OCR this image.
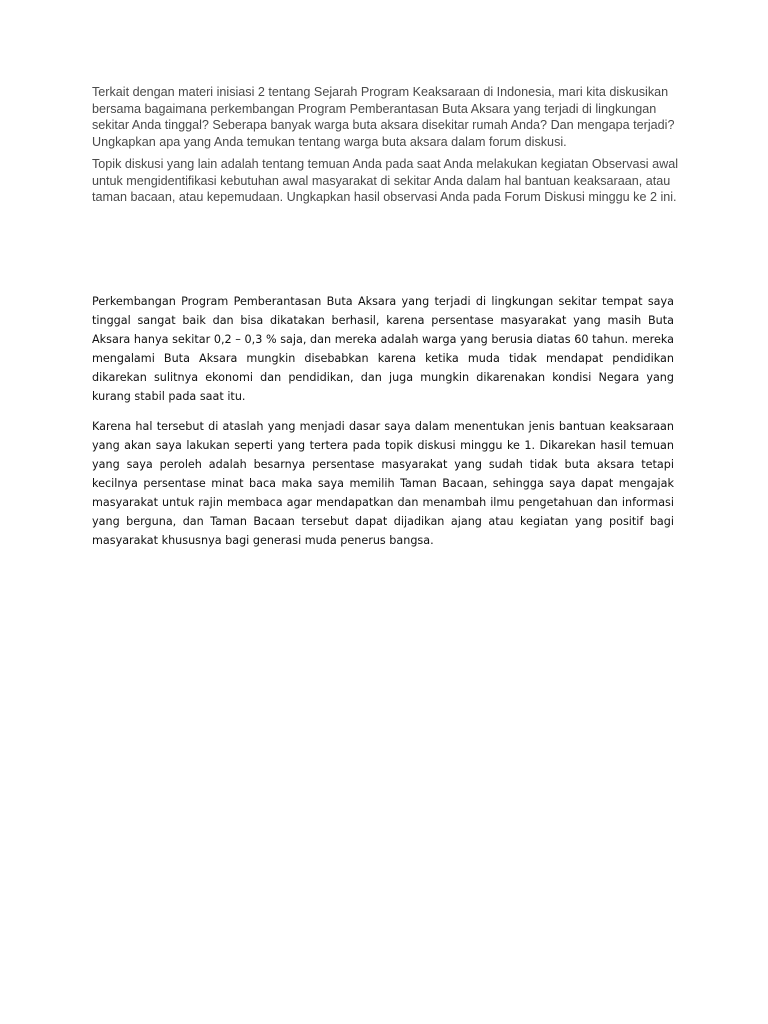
Terkait dengan materi inisiasi 2 tentang Sejarah Program Keaksaraan di Indonesia, mari kita diskusikan bersama bagaimana perkembangan Program Pemberantasan Buta Aksara yang terjadi di lingkungan sekitar Anda tinggal? Seberapa banyak warga buta aksara disekitar rumah Anda? Dan mengapa terjadi? Ungkapkan apa yang Anda temukan tentang warga buta aksara dalam forum diskusi.

Topik diskusi yang lain adalah tentang temuan Anda pada saat Anda melakukan kegiatan Observasi awal untuk mengidentifikasi kebutuhan awal masyarakat di sekitar Anda dalam hal bantuan keaksaraan, atau taman bacaan, atau kepemudaan. Ungkapkan hasil observasi Anda pada Forum Diskusi minggu ke 2 ini.

Perkembangan Program Pemberantasan Buta Aksara yang terjadi di lingkungan sekitar tempat saya tinggal sangat baik dan bisa dikatakan berhasil, karena persentase masyarakat yang masih Buta Aksara hanya sekitar 0,2 – 0,3 % saja, dan mereka adalah warga yang berusia diatas 60 tahun. mereka mengalami Buta Aksara mungkin disebabkan karena ketika muda tidak mendapat pendidikan dikarekan sulitnya ekonomi dan pendidikan, dan juga mungkin dikarenakan kondisi Negara yang kurang stabil pada saat itu.

Karena hal tersebut di ataslah yang menjadi dasar saya dalam menentukan jenis bantuan keaksaraan yang akan saya lakukan seperti yang tertera pada topik diskusi minggu ke 1. Dikarekan hasil temuan yang saya peroleh adalah besarnya persentase masyarakat yang sudah tidak buta aksara tetapi kecilnya persentase minat baca maka saya memilih Taman Bacaan, sehingga saya dapat mengajak masyarakat untuk rajin membaca agar mendapatkan dan menambah ilmu pengetahuan dan informasi yang berguna, dan Taman Bacaan tersebut dapat dijadikan ajang atau kegiatan yang positif bagi masyarakat khususnya bagi generasi muda penerus bangsa.
